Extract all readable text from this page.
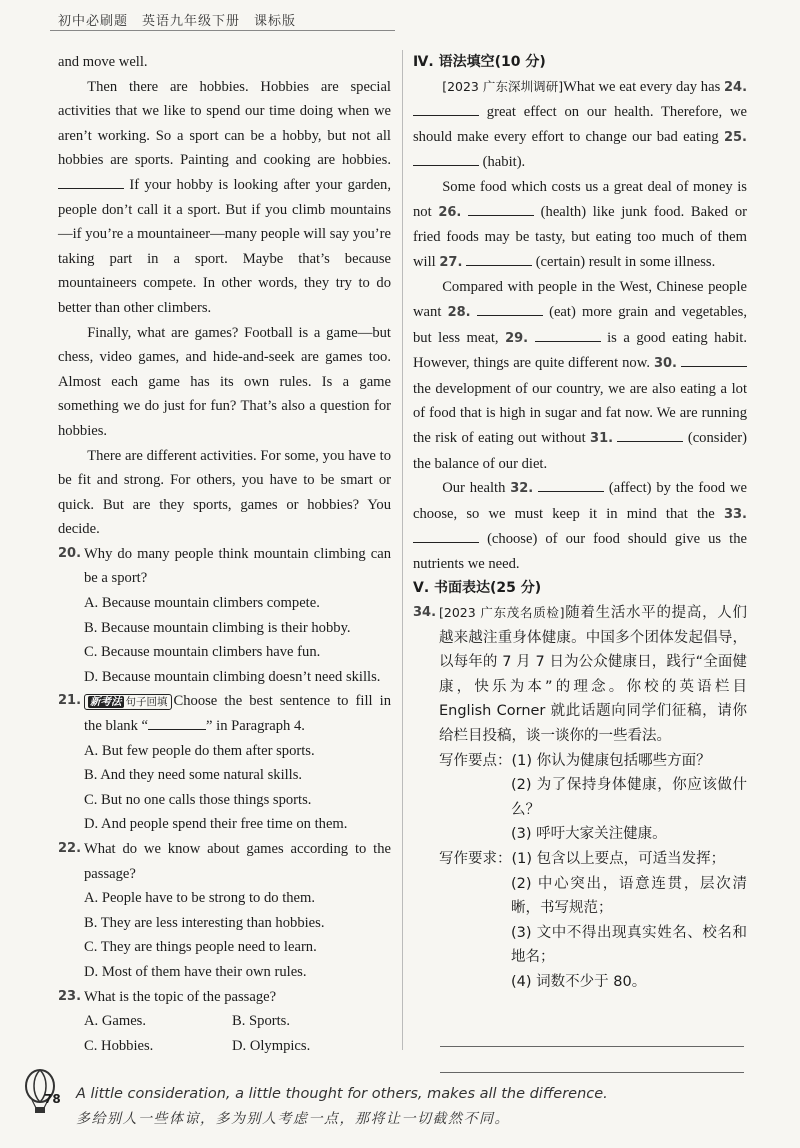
初中必刷题　英语九年级下册　课标版

and move well.

Then there are hobbies. Hobbies are special activities that we like to spend our time doing when we aren’t working. So a sport can be a hobby, but not all hobbies are sports. Painting and cooking are hobbies.  If your hobby is looking after your garden, people don’t call it a sport. But if you climb mountains—if you’re a mountaineer—many people will say you’re taking part in a sport. Maybe that’s because mountaineers compete. In other words, they try to do better than other climbers.

Finally, what are games? Football is a game—but chess, video games, and hide-and-seek are games too. Almost each game has its own rules. Is a game something we do just for fun? That’s also a question for hobbies.

There are different activities. For some, you have to be fit and strong. For others, you have to be smart or quick. But are they sports, games or hobbies? You decide.

20. Why do many people think mountain climbing can be a sport?
A. Because mountain climbers compete.
B. Because mountain climbing is their hobby.
C. Because mountain climbers have fun.
D. Because mountain climbing doesn’t need skills.
21. 新考法 句子回填 Choose the best sentence to fill in the blank “	” in Paragraph 4.
A. But few people do them after sports.
B. And they need some natural skills.
C. But no one calls those things sports.
D. And people spend their free time on them.
22. What do we know about games according to the passage?
A. People have to be strong to do them.
B. They are less interesting than hobbies.
C. They are things people need to learn.
D. Most of them have their own rules.
23. What is the topic of the passage?
A. Games.	B. Sports.
C. Hobbies.	D. Olympics.
Ⅳ. 语法填空(10 分)

[2023 广东深圳调研]What we eat every day has 24.  great effect on our health. Therefore, we should make every effort to change our bad eating 25.  (habit).

Some food which costs us a great deal of money is not 26.	(health) like junk food. Baked or fried foods may be tasty, but eating too much of them will 27.	(certain) result in some illness.

Compared with people in the West, Chinese people want 28.	(eat) more grain and vegetables, but less meat, 29.	is a good eating habit. However, things are quite different now. 30.  the development of our country, we are also eating a lot of food that is high in sugar and fat now. We are running the risk of eating out without 31.	(consider) the balance of our diet.

Our health 32.	(affect) by the food we choose, so we must keep it in mind that the 33.  (choose) of our food should give us the nutrients we need.

Ⅴ. 书面表达(25 分)
34. [2023 广东茂名质检]随着生活水平的提高，人们越来越注重身体健康。中国多个团体发起倡导，以每年的 7 月 7 日为公众健康日，践行“全面健康，快乐为本”的理念。你校的英语栏目 English Corner 就此话题向同学们征稿，请你给栏目投稿，谈一谈你的一些看法。
写作要点：(1) 你认为健康包括哪些方面？
(2) 为了保持身体健康，你应该做什么？
(3) 呼吁大家关注健康。
写作要求：(1) 包含以上要点，可适当发挥；
(2) 中心突出，语意连贯，层次清晰，书写规范；
(3) 文中不得出现真实姓名、校名和地名；
(4) 词数不少于 80。
78 A little consideration, a little thought for others, makes all the difference.
多给别人一些体谅，多为别人考虑一点，那将让一切截然不同。
